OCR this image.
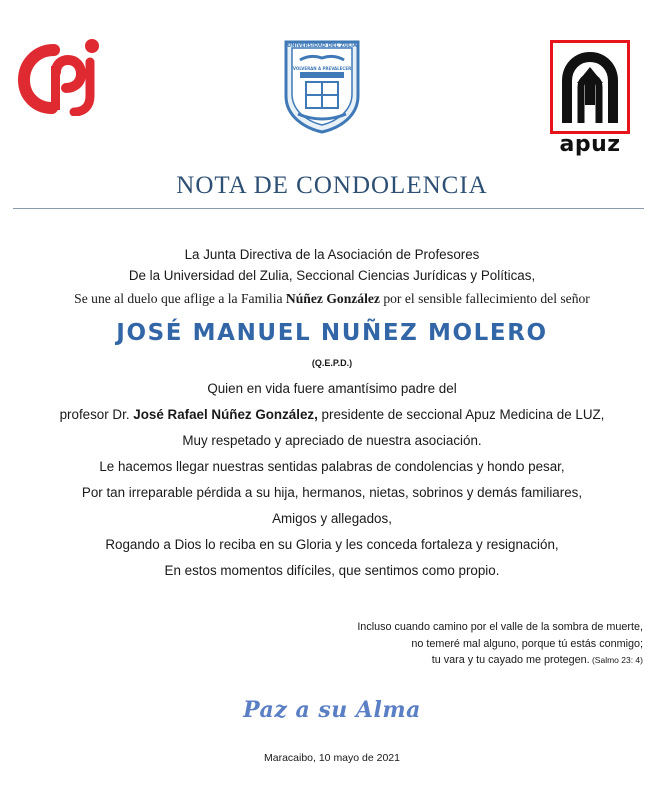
UNIVERSIDAD DEL ZULIA
VOLVERAN A PREVALECER
apuz
NOTA DE CONDOLENCIA
La Junta Directiva de la Asociación de Profesores
De la Universidad del Zulia, Seccional Ciencias Jurídicas y Políticas,
Se une al duelo que aflige a la Familia Núñez González por el sensible fallecimiento del señor
JOSÉ MANUEL NUÑEZ MOLERO
(Q.E.P.D.)
Quien en vida fuere amantísimo padre del
profesor Dr. José Rafael Núñez González, presidente de seccional Apuz Medicina de LUZ,
Muy respetado y apreciado de nuestra asociación.
Le hacemos llegar nuestras sentidas palabras de condolencias y hondo pesar,
Por tan irreparable pérdida a su hija, hermanos, nietas, sobrinos y demás familiares,
Amigos y allegados,
Rogando a Dios lo reciba en su Gloria y les conceda fortaleza y resignación,
En estos momentos difíciles, que sentimos como propio.
Incluso cuando camino por el valle de la sombra de muerte,
no temeré mal alguno, porque tú estás conmigo;
tu vara y tu cayado me protegen. (Salmo 23: 4)
Paz a su Alma
Maracaibo, 10 mayo de 2021
